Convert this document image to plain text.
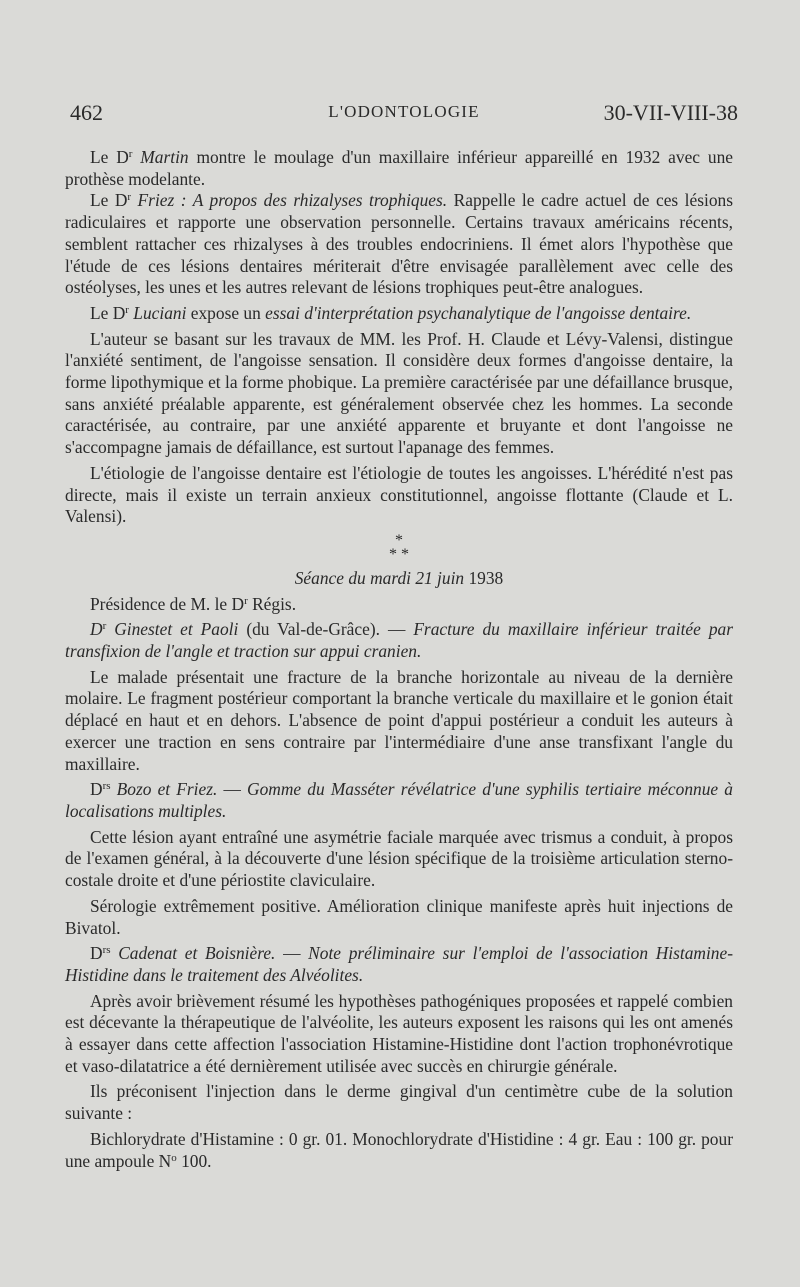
462	L'ODONTOLOGIE	30-VII-VIII-38

Le $D^r$ Martin montre le moulage d'un maxillaire inférieur appareillé en 1932 avec une prothèse modelante.

Le $D^r$ Friez : A propos des rhizalyses trophiques. Rappelle le cadre actuel de ces lésions radiculaires et rapporte une observation personnelle. Certains travaux américains récents, semblent rattacher ces rhizalyses à des troubles endocriniens. Il émet alors l'hypothèse que l'étude de ces lésions dentaires mériterait d'être envisagée parallèlement avec celle des ostéolyses, les unes et les autres relevant de lésions trophiques peut-être analogues.

Le $D^r$ Luciani expose un essai d'interprétation psychanalytique de l'angoisse dentaire.

L'auteur se basant sur les travaux de MM. les Prof. H. Claude et Lévy-Valensi, distingue l'anxiété sentiment, de l'angoisse sensation. Il considère deux formes d'angoisse dentaire, la forme lipothymique et la forme phobique. La première caractérisée par une défaillance brusque, sans anxiété préalable apparente, est généralement observée chez les hommes. La seconde caractérisée, au contraire, par une anxiété apparente et bruyante et dont l'angoisse ne s'accompagne jamais de défaillance, est surtout l'apanage des femmes.

L'étiologie de l'angoisse dentaire est l'étiologie de toutes les angoisses. L'hérédité n'est pas directe, mais il existe un terrain anxieux constitutionnel, angoisse flottante (Claude et L. Valensi).

*
* *

Séance du mardi 21 juin 1938

Présidence de M. le $D^r$ Régis.

$D^r$ Ginestet et Paoli (du Val-de-Grâce). — Fracture du maxillaire inférieur traitée par transfixion de l'angle et traction sur appui cranien.

Le malade présentait une fracture de la branche horizontale au niveau de la dernière molaire. Le fragment postérieur comportant la branche verticale du maxillaire et le gonion était déplacé en haut et en dehors. L'absence de point d'appui postérieur a conduit les auteurs à exercer une traction en sens contraire par l'intermédiaire d'une anse transfixant l'angle du maxillaire.

$D^{rs}$ Bozo et Friez. — Gomme du Masséter révélatrice d'une syphilis tertiaire méconnue à localisations multiples.

Cette lésion ayant entraîné une asymétrie faciale marquée avec trismus a conduit, à propos de l'examen général, à la découverte d'une lésion spécifique de la troisième articulation sterno-costale droite et d'une périostite claviculaire.

Sérologie extrêmement positive. Amélioration clinique manifeste après huit injections de Bivatol.

$D^{rs}$ Cadenat et Boisnière. — Note préliminaire sur l'emploi de l'association Histamine-Histidine dans le traitement des Alvéolites.

Après avoir brièvement résumé les hypothèses pathogéniques proposées et rappelé combien est décevante la thérapeutique de l'alvéolite, les auteurs exposent les raisons qui les ont amenés à essayer dans cette affection l'association Histamine-Histidine dont l'action trophonévrotique et vaso-dilatatrice a été dernièrement utilisée avec succès en chirurgie générale.

Ils préconisent l'injection dans le derme gingival d'un centimètre cube de la solution suivante :

Bichlorydrate d'Histamine : 0 gr. 01. Monochlorydrate d'Histidine : 4 gr. Eau : 100 gr. pour une ampoule $N^o$ 100.
